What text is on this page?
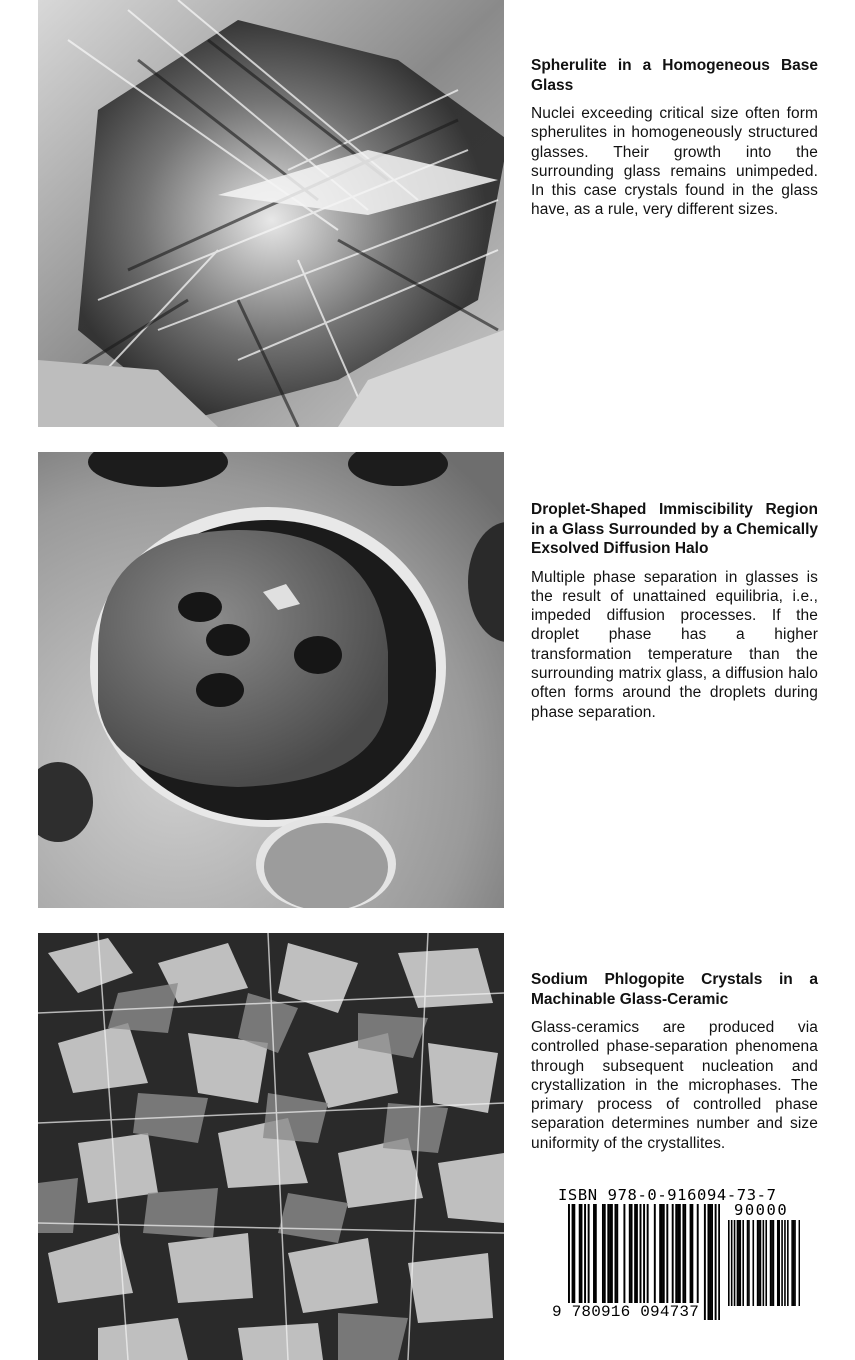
Spherulite in a Homogeneous Base Glass

Nuclei exceeding critical size often form spherulites in homogeneously structured glasses. Their growth into the surrounding glass remains unimpeded. In this case crystals found in the glass have, as a rule, very different sizes.

Droplet-Shaped Immiscibility Region in a Glass Surrounded by a Chemically Exsolved Diffusion Halo

Multiple phase separation in glasses is the result of unattained equilibria, i.e., impeded diffusion processes. If the droplet phase has a higher transformation temperature than the surrounding matrix glass, a diffusion halo often forms around the droplets during phase separation.

Sodium Phlogopite Crystals in a Machinable Glass-Ceramic

Glass-ceramics are produced via controlled phase-separation phenomena through subsequent nucleation and crystallization in the microphases. The primary process of controlled phase separation determines number and size uniformity of the crystallites.

ISBN 978-0-916094-73-7
90000
9 780916 094737
